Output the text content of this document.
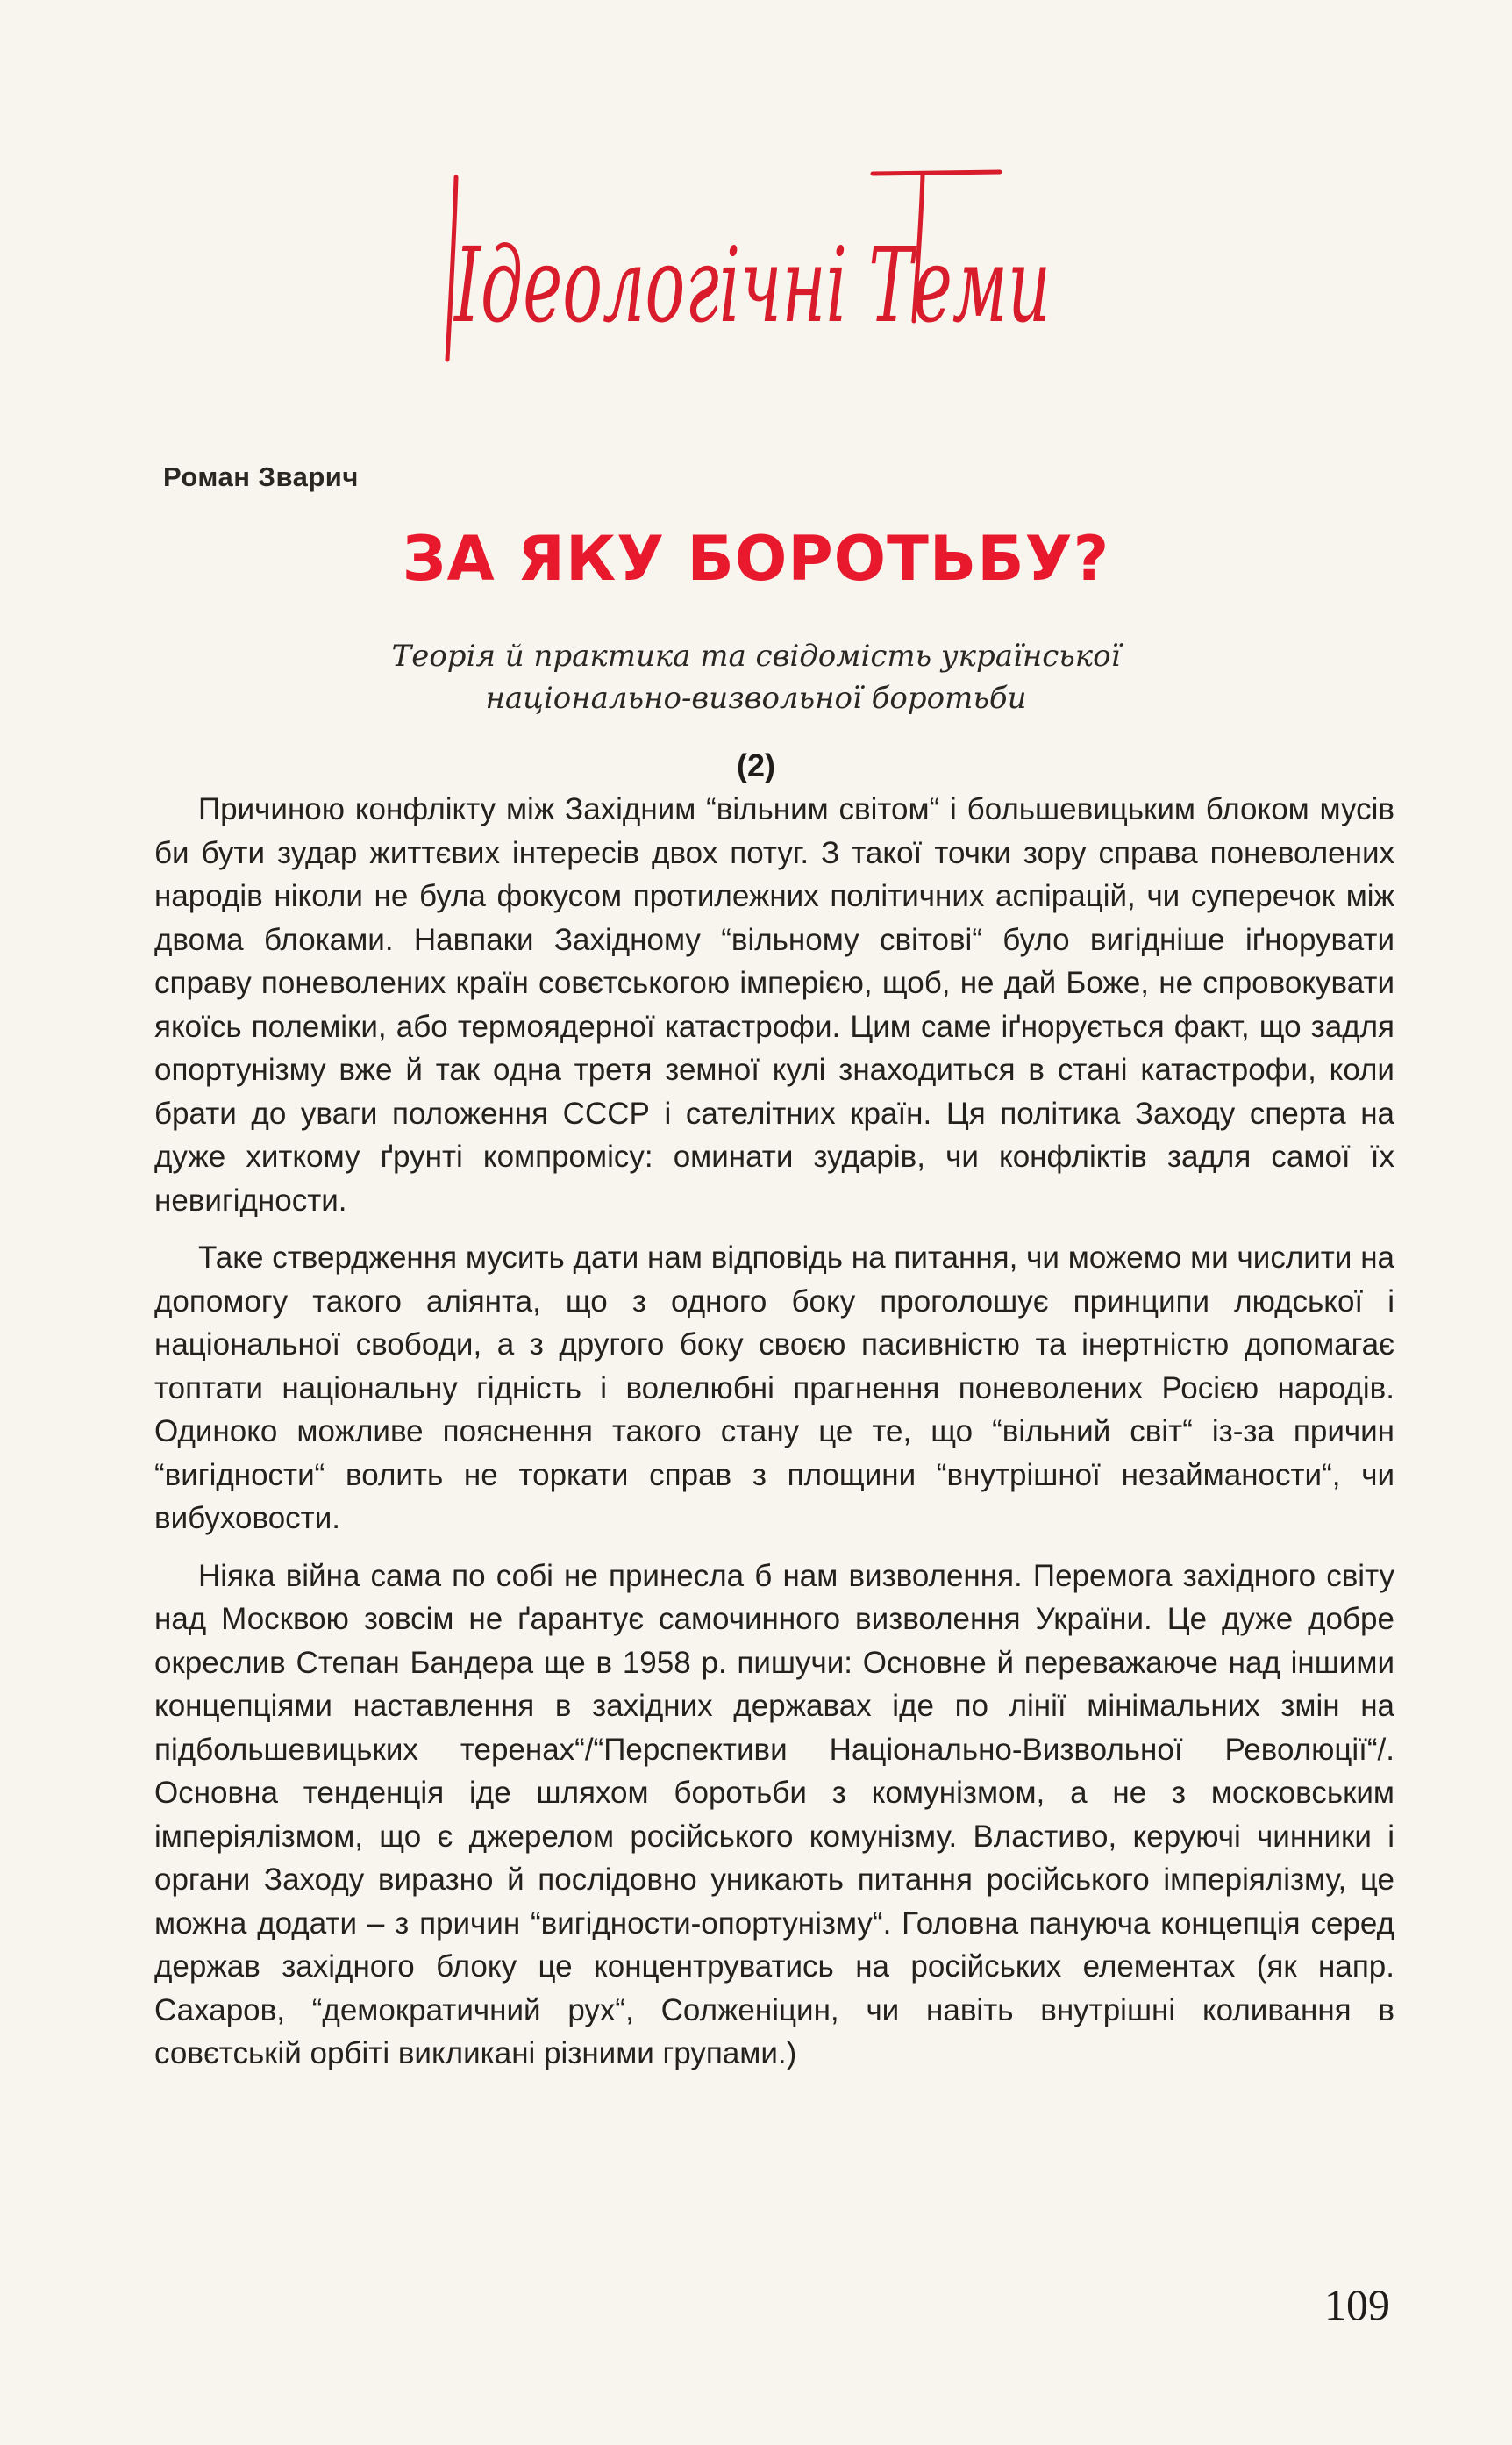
Ідеологічні Теми
Роман Зварич
ЗА ЯКУ БОРОТЬБУ?
Теорія й практика та свідомість української
національно-визвольної боротьби
(2)

Причиною конфлікту між Західним “вільним світом“ і большевицьким блоком мусів би бути зудар життєвих інтересів двох потуг. З такої точки зору справа поневолених народів ніколи не була фокусом протилежних політичних аспірацій, чи суперечок між двома блоками. Навпаки Західному “вільному світові“ було вигідніше іґнорувати справу поневолених країн совєтськогою імперією, щоб, не дай Боже, не спровокувати якоїсь полеміки, або термоядерної катастрофи. Цим саме іґнорується факт, що задля опортунізму вже й так одна третя земної кулі знаходиться в стані катастрофи, коли брати до уваги положення СССР і сателітних країн. Ця політика Заходу сперта на дуже хиткому ґрунті компромісу: оминати зударів, чи конфліктів задля самої їх невигідности.

Таке ствердження мусить дати нам відповідь на питання, чи можемо ми числити на допомогу такого аліянта, що з одного боку проголошує принципи людської і національної свободи, а з другого боку своєю пасивністю та інертністю допомагає топтати національну гідність і волелюбні прагнення поневолених Росією народів. Одиноко можливе пояснення такого стану це те, що “вільний світ“ із-за причин “вигідности“ волить не торкати справ з площини “внутрішної незайманости“, чи вибуховости.

Ніяка війна сама по собі не принесла б нам визволення. Перемога західного світу над Москвою зовсім не ґарантує самочинного визволення України. Це дуже добре окреслив Степан Бандера ще в 1958 р. пишучи: Основне й переважаюче над іншими концепціями наставлення в західних державах іде по лінії мінімальних змін на підбольшевицьких теренах“/“Перспективи Національно-Визвольної Революції“/. Основна тенденція іде шляхом боротьби з комунізмом, а не з московським імперіялізмом, що є джерелом російського комунізму. Властиво, керуючі чинники і органи Заходу виразно й послідовно уникають питання російського імперіялізму, це можна додати – з причин “вигідности-опортунізму“. Головна пануюча концепція серед держав західного блоку це концентруватись на російських елементах (як напр. Сахаров, “демократичний рух“, Солженіцин, чи навіть внутрішні коливання в совєтській орбіті викликані різними групами.)

109
